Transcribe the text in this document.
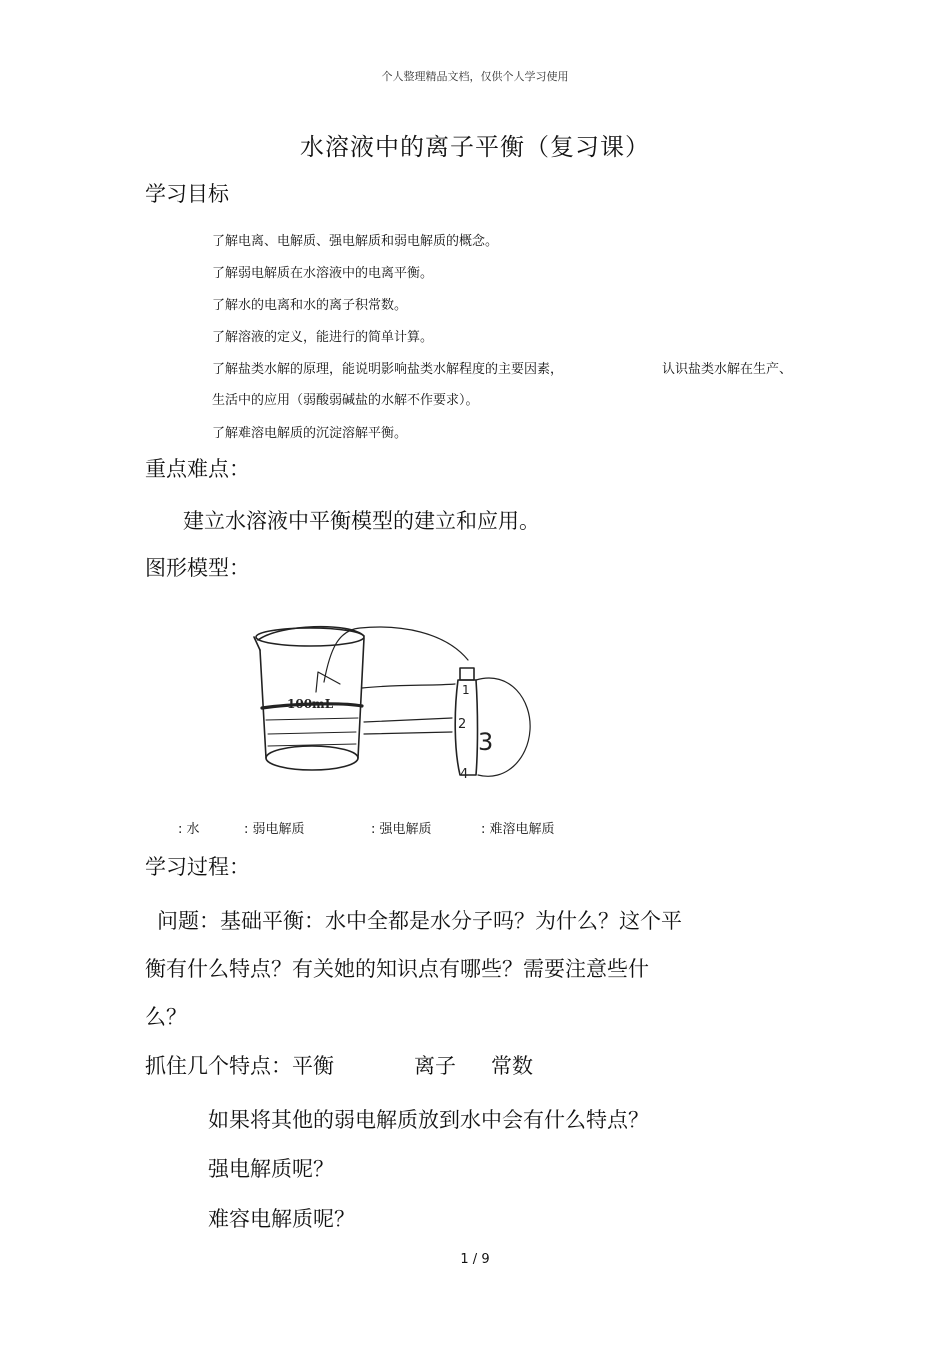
个人整理精品文档，仅供个人学习使用
水溶液中的离子平衡（复习课）
学习目标
了解电离、电解质、强电解质和弱电解质的概念。
了解弱电解质在水溶液中的电离平衡。
了解水的电离和水的离子积常数。
了解溶液的定义，能进行的简单计算。
了解盐类水解的原理，能说明影响盐类水解程度的主要因素，	认识盐类水解在生产、
生活中的应用（弱酸弱碱盐的水解不作要求）。
了解难溶电解质的沉淀溶解平衡。
重点难点：
建立水溶液中平衡模型的建立和应用。
图形模型：
100mL
1
2
3
4
: 水	: 弱电解质	: 强电解质	: 难溶电解质
学习过程：
问题：基础平衡：水中全都是水分子吗？为什么？这个平
衡有什么特点？有关她的知识点有哪些？需要注意些什
么？
抓住几个特点：平衡	离子 常数
如果将其他的弱电解质放到水中会有什么特点？
强电解质呢？
难容电解质呢？
1 / 9
